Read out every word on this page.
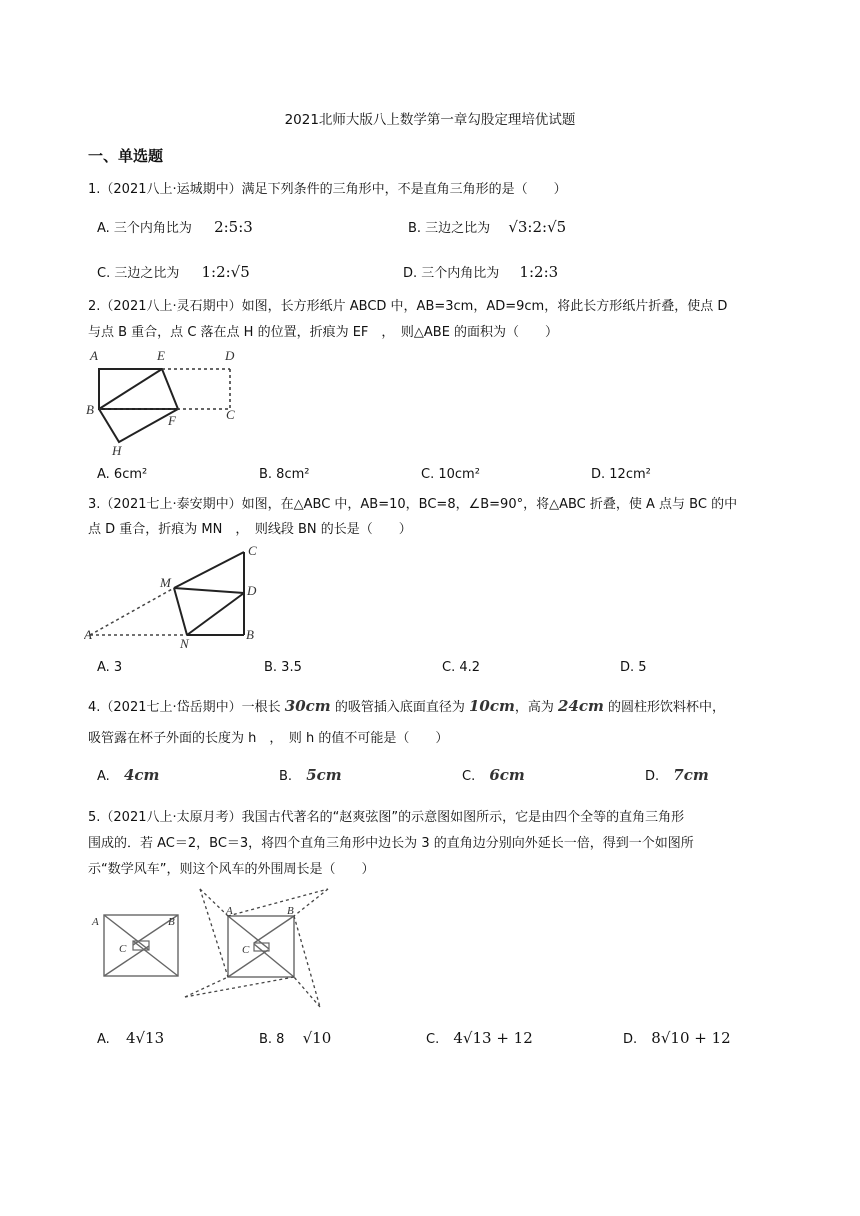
2021北师大版八上数学第一章勾股定理培优试题
一、单选题
1.（2021八上·运城期中）满足下列条件的三角形中，不是直角三角形的是（　　）
A. 三个内角比为 2:5:3	B. 三边之比为 √3:2:√5
C. 三边之比为 1:2:√5	D. 三个内角比为 1:2:3
2.（2021八上·灵石期中）如图，长方形纸片 ABCD 中，AB=3cm，AD=9cm，将此长方形纸片折叠，使点 D
与点 B 重合，点 C 落在点 H 的位置，折痕为 EF　，　则△ABE 的面积为（　　）
A	E	D
B
F	C
H
A. 6cm²	B. 8cm²	C. 10cm²	D. 12cm²
3.（2021七上·泰安期中）如图，在△ABC 中，AB=10，BC=8，∠B=90°，将△ABC 折叠，使 A 点与 BC 的中
点 D 重合，折痕为 MN　，　则线段 BN 的长是（　　）
C
M
D
A
N
B
A. 3	B. 3.5	C. 4.2	D. 5
4.（2021七上·岱岳期中）一根长 30cm 的吸管插入底面直径为 10cm，高为 24cm 的圆柱形饮料杯中，
吸管露在杯子外面的长度为 h　，　则 h 的值不可能是（　　）
A. 4cm	B. 5cm	C. 6cm	D. 7cm
5.（2021八上·太原月考）我国古代著名的“赵爽弦图”的示意图如图所示，它是由四个全等的直角三角形
围成的．若 AC＝2，BC＝3，将四个直角三角形中边长为 3 的直角边分别向外延长一倍，得到一个如图所
示“数学风车”，则这个风车的外围周长是（　　）
A	B
C
A	B
C
A. 4√13	B. 8 √10	C. 4√13 + 12	D. 8√10 + 12
